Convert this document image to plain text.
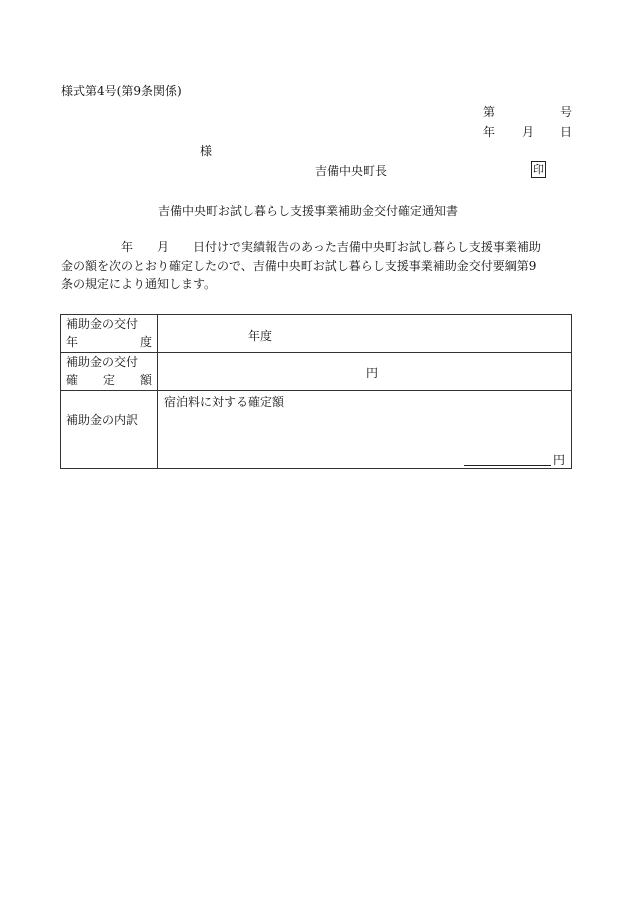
様式第4号(第9条関係)
第	号
年 月 日
様
吉備中央町長	印
吉備中央町お試し暮らし支援事業補助金交付確定通知書
　　　　　年　　月　　日付けで実績報告のあった吉備中央町お試し暮らし支援事業補助
金の額を次のとおり確定したので、吉備中央町お試し暮らし支援事業補助金交付要綱第9
条の規定により通知します。
補助金の交付
年 度	年度

補助金の交付
確 定 額	円

補助金の内訳	宿泊料に対する確定額
円
